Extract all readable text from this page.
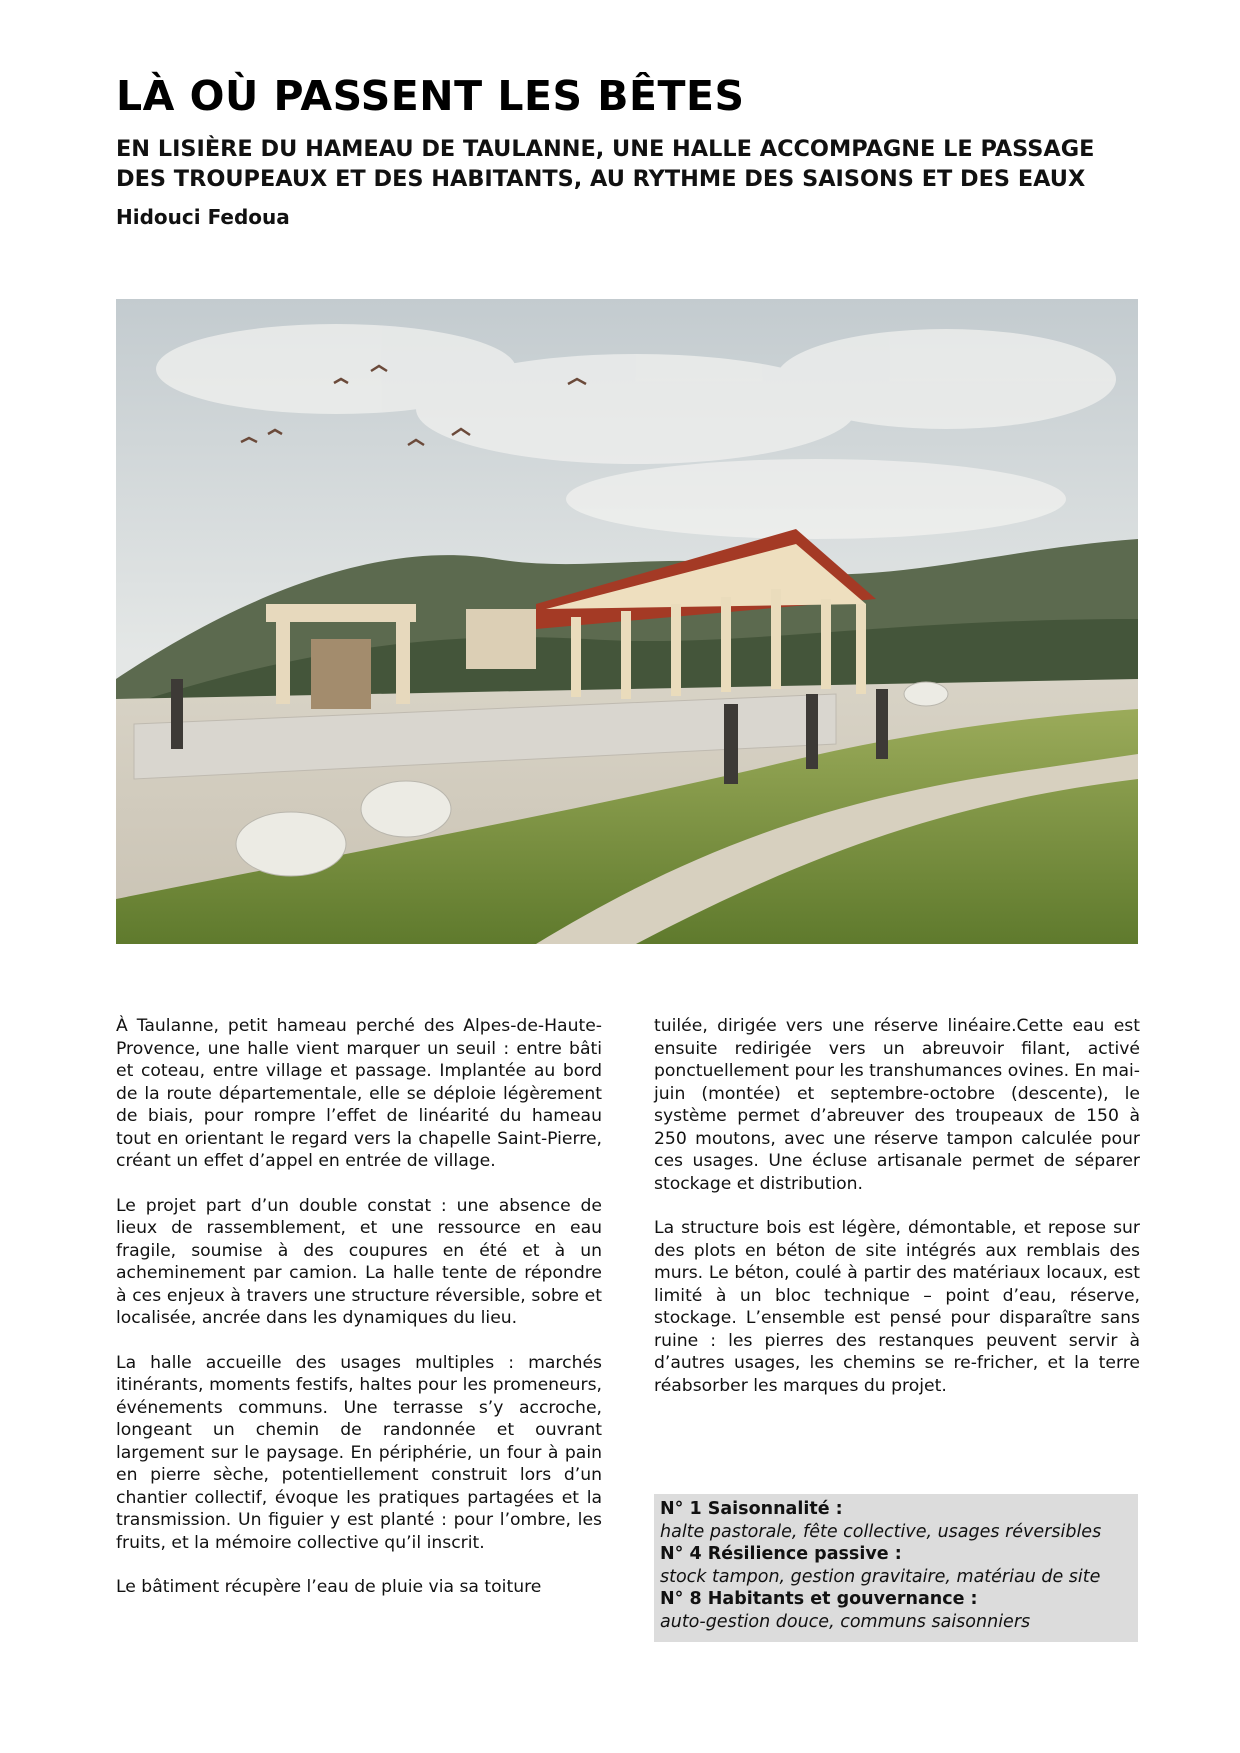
LÀ OÙ PASSENT LES BÊTES
EN LISIÈRE DU HAMEAU DE TAULANNE, UNE HALLE ACCOMPAGNE LE PASSAGE DES TROUPEAUX ET DES HABITANTS, AU RYTHME DES SAISONS ET DES EAUX
Hidouci Fedoua

À Taulanne, petit hameau perché des Alpes-de-Haute-Provence, une halle vient marquer un seuil : entre bâti et coteau, entre village et passage. Implantée au bord de la route départementale, elle se déploie légèrement de biais, pour rompre l’effet de linéarité du hameau tout en orientant le regard vers la chapelle Saint-Pierre, créant un effet d’appel en entrée de village.

Le projet part d’un double constat : une absence de lieux de rassemblement, et une ressource en eau fragile, soumise à des coupures en été et à un acheminement par camion. La halle tente de répondre à ces enjeux à travers une structure réversible, sobre et localisée, ancrée dans les dynamiques du lieu.

La halle accueille des usages multiples : marchés itinérants, moments festifs, haltes pour les promeneurs, événements communs. Une terrasse s’y accroche, longeant un chemin de randonnée et ouvrant largement sur le paysage. En périphérie, un four à pain en pierre sèche, potentiellement construit lors d’un chantier collectif, évoque les pratiques partagées et la transmission. Un figuier y est planté : pour l’ombre, les fruits, et la mémoire collective qu’il inscrit.

Le bâtiment récupère l’eau de pluie via sa toiture

tuilée, dirigée vers une réserve linéaire.Cette eau est ensuite redirigée vers un abreuvoir filant, activé ponctuellement pour les transhumances ovines. En mai-juin (montée) et septembre-octobre (descente), le système permet d’abreuver des troupeaux de 150 à 250 moutons, avec une réserve tampon calculée pour ces usages. Une écluse artisanale permet de séparer stockage et distribution.

La structure bois est légère, démontable, et repose sur des plots en béton de site intégrés aux remblais des murs. Le béton, coulé à partir des matériaux locaux, est limité à un bloc technique – point d’eau, réserve, stockage. L’ensemble est pensé pour disparaître sans ruine : les pierres des restanques peuvent servir à d’autres usages, les chemins se re-fricher, et la terre réabsorber les marques du projet.

N° 1 Saisonnalité :
halte pastorale, fête collective, usages réversibles
N° 4 Résilience passive :
stock tampon, gestion gravitaire, matériau de site
N° 8 Habitants et gouvernance :
auto-gestion douce, communs saisonniers
